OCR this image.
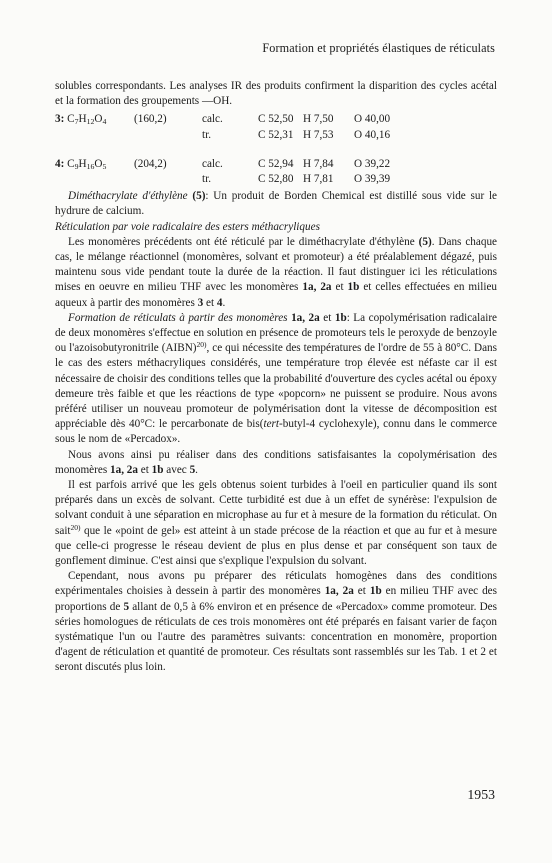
Formation et propriétés élastiques de réticulats

solubles correspondants. Les analyses IR des produits confirment la disparition des cycles acétal et la formation des groupements —OH.

3: $C_7H_{12}O_4$ (160,2)	calc.	C 52,50 H 7,50 O 40,00
tr.	C 52,31 H 7,53 O 40,16
4: $C_9H_{16}O_5$ (204,2)	calc.	C 52,94 H 7,84 O 39,22
tr.	C 52,80 H 7,81 O 39,39

Diméthacrylate d'éthylène (5): Un produit de Borden Chemical est distillé sous vide sur le hydrure de calcium.

Réticulation par voie radicalaire des esters méthacryliques

Les monomères précédents ont été réticulé par le diméthacrylate d'éthylène (5). Dans chaque cas, le mélange réactionnel (monomères, solvant et promoteur) a été préalablement dégazé, puis maintenu sous vide pendant toute la durée de la réaction. Il faut distinguer ici les réticulations mises en oeuvre en milieu THF avec les monomères 1a, 2a et 1b et celles effectuées en milieu aqueux à partir des monomères 3 et 4.

Formation de réticulats à partir des monomères 1a, 2a et 1b: La copolymérisation radicalaire de deux monomères s'effectue en solution en présence de promoteurs tels le peroxyde de benzoyle ou l'azoisobutyronitrile (AIBN)$^{20)}$, ce qui nécessite des températures de l'ordre de 55 à 80°C. Dans le cas des esters méthacryliques considérés, une température trop élevée est néfaste car il est nécessaire de choisir des conditions telles que la probabilité d'ouverture des cycles acétal ou époxy demeure très faible et que les réactions de type «popcorn» ne puissent se produire. Nous avons préféré utiliser un nouveau promoteur de polymérisation dont la vitesse de décomposition est appréciable dès 40°C: le percarbonate de bis(tert-butyl-4 cyclohexyle), connu dans le commerce sous le nom de «Percadox».

Nous avons ainsi pu réaliser dans des conditions satisfaisantes la copolymérisation des monomères 1a, 2a et 1b avec 5.

Il est parfois arrivé que les gels obtenus soient turbides à l'oeil en particulier quand ils sont préparés dans un excès de solvant. Cette turbidité est due à un effet de synérèse: l'expulsion de solvant conduit à une séparation en microphase au fur et à mesure de la formation du réticulat. On sait$^{20)}$ que le «point de gel» est atteint à un stade précose de la réaction et que au fur et à mesure que celle-ci progresse le réseau devient de plus en plus dense et par conséquent son taux de gonflement diminue. C'est ainsi que s'explique l'expulsion du solvant.

Cependant, nous avons pu préparer des réticulats homogènes dans des conditions expérimentales choisies à dessein à partir des monomères 1a, 2a et 1b en milieu THF avec des proportions de 5 allant de 0,5 à 6% environ et en présence de «Percadox» comme promoteur. Des séries homologues de réticulats de ces trois monomères ont été préparés en faisant varier de façon systématique l'un ou l'autre des paramètres suivants: concentration en monomère, proportion d'agent de réticulation et quantité de promoteur. Ces résultats sont rassemblés sur les Tab. 1 et 2 et seront discutés plus loin.

1953
